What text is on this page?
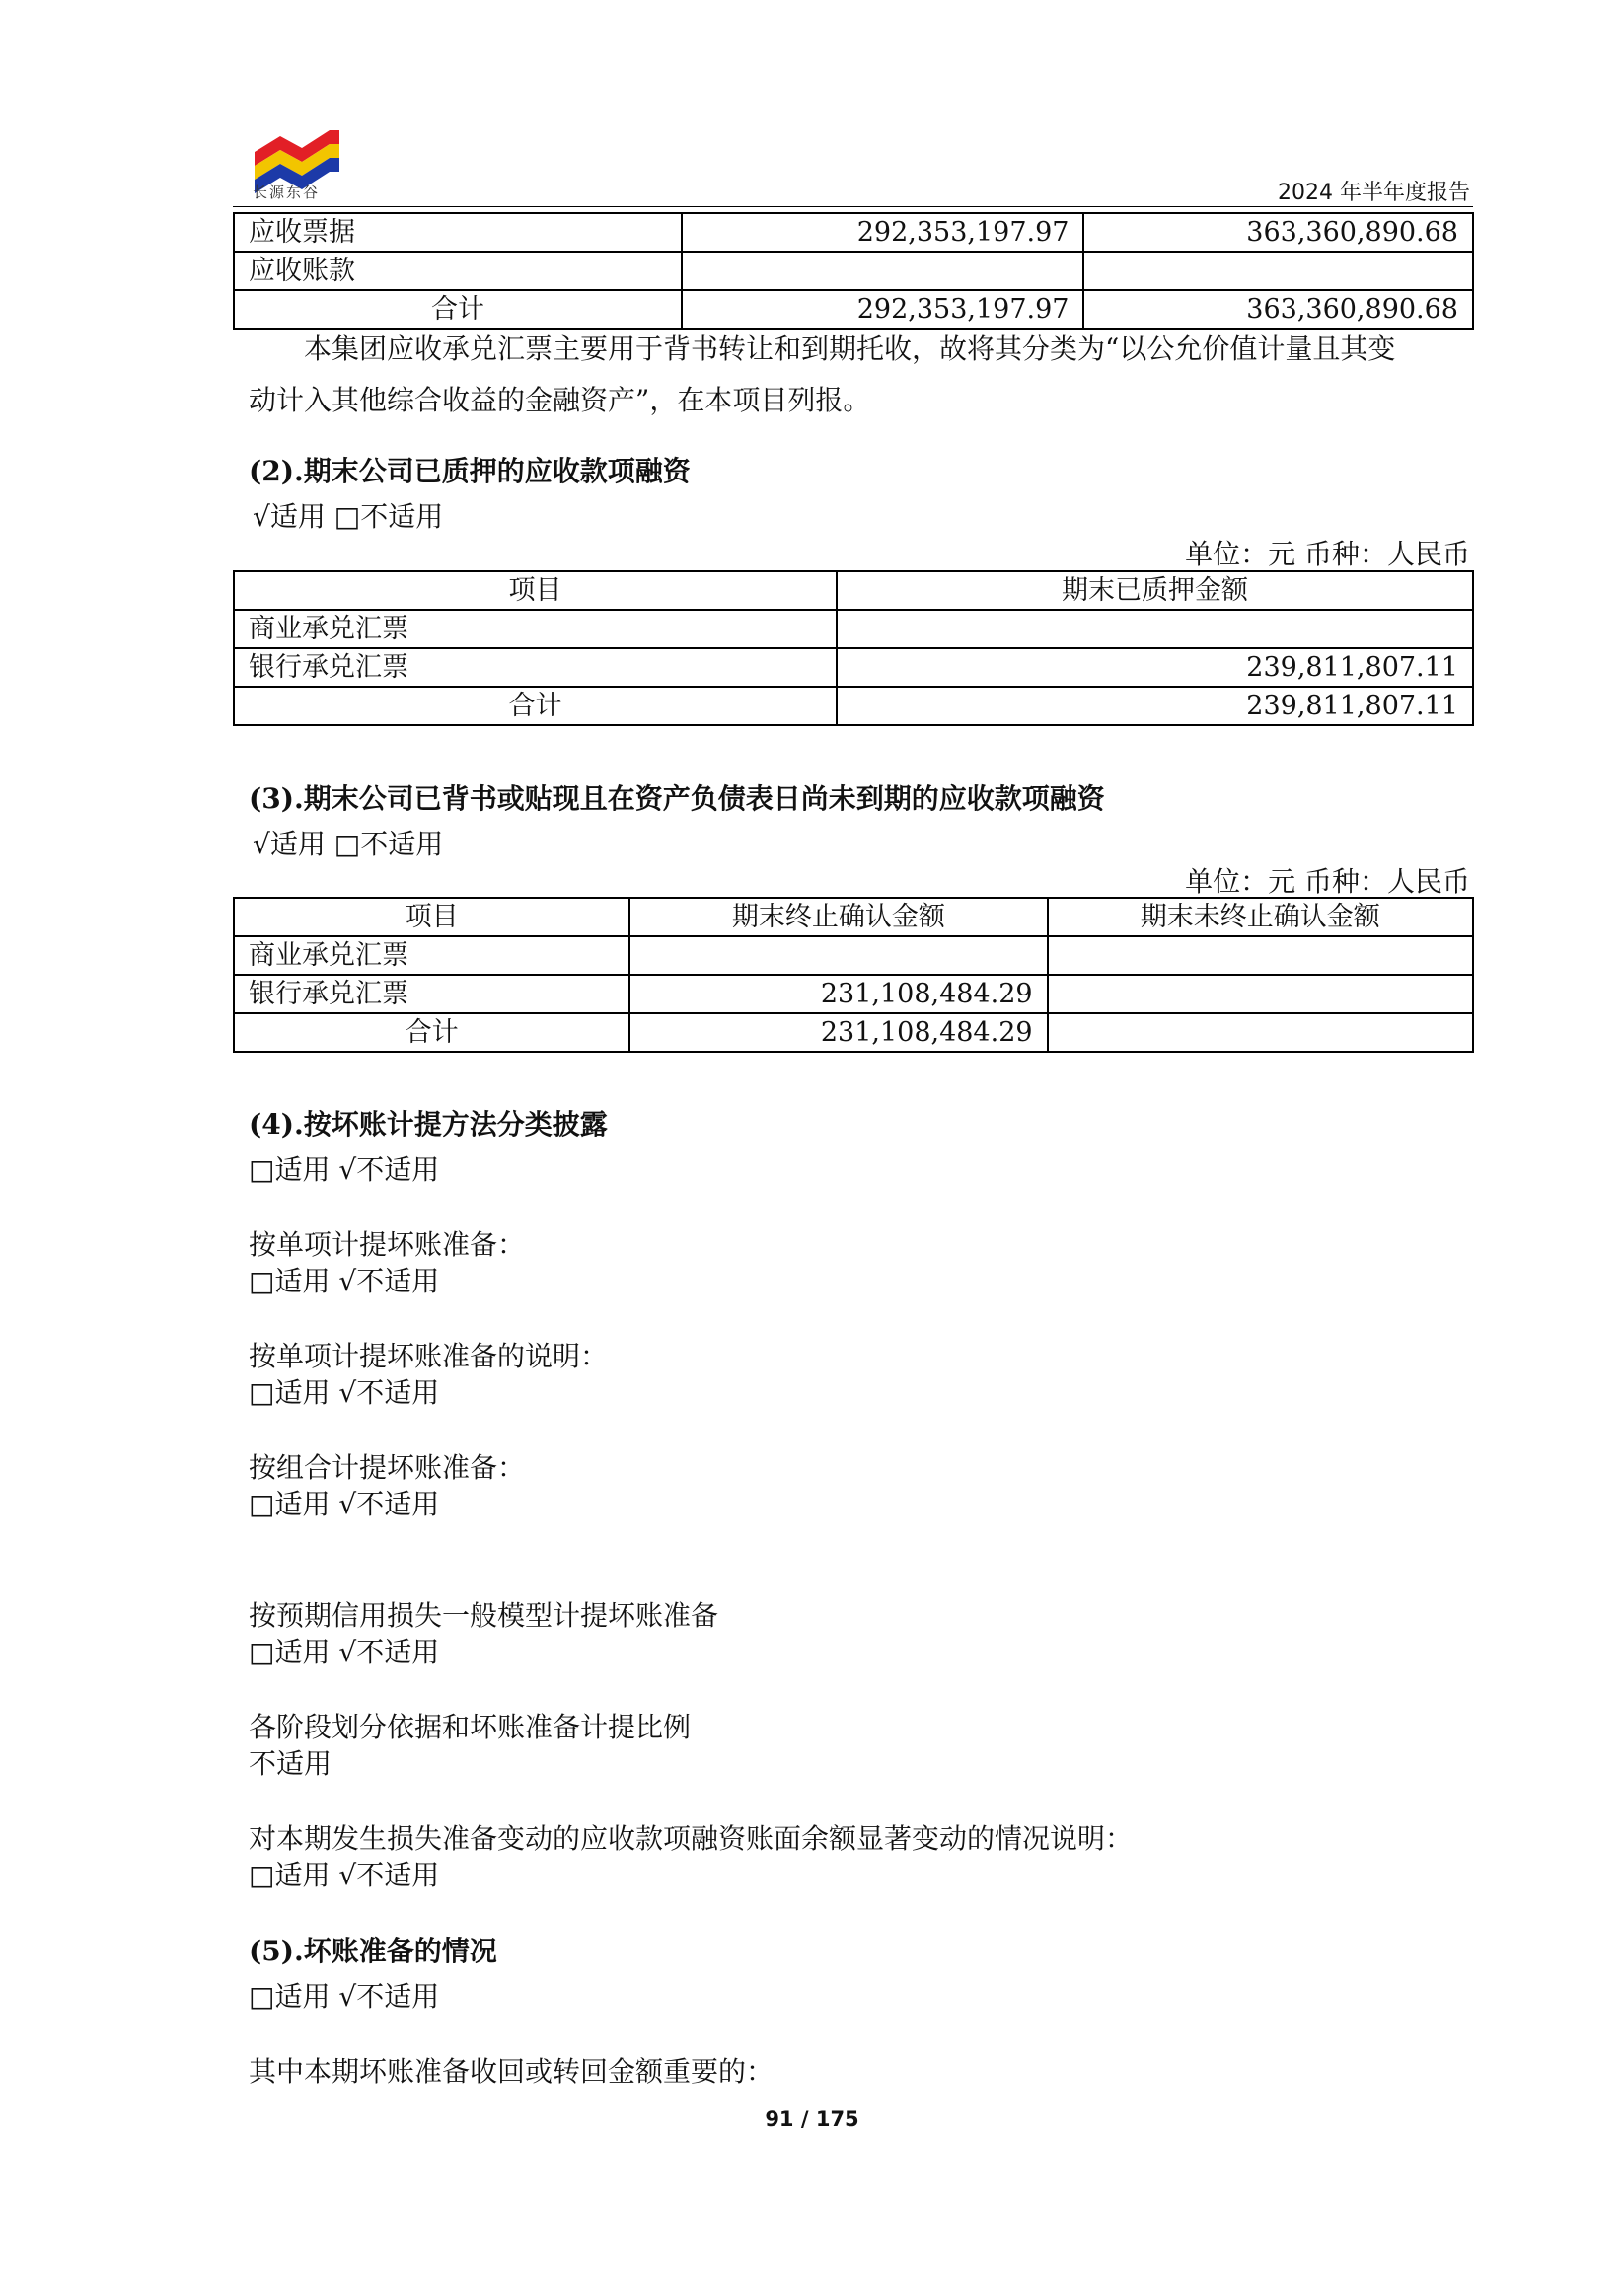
长源东谷	2024 年半年度报告
应收票据	292,353,197.97	363,360,890.68
应收账款		
合计	292,353,197.97	363,360,890.68
本集团应收承兑汇票主要用于背书转让和到期托收，故将其分类为“以公允价值计量且其变
动计入其他综合收益的金融资产”，在本项目列报。
(2).期末公司已质押的应收款项融资
√适用 □不适用
单位：元 币种：人民币
项目	期末已质押金额
商业承兑汇票	
银行承兑汇票	239,811,807.11
合计	239,811,807.11
(3).期末公司已背书或贴现且在资产负债表日尚未到期的应收款项融资
√适用 □不适用
单位：元 币种：人民币
项目	期末终止确认金额	期末未终止确认金额
商业承兑汇票		
银行承兑汇票	231,108,484.29	
合计	231,108,484.29	
(4).按坏账计提方法分类披露
□适用 √不适用
按单项计提坏账准备：
□适用 √不适用
按单项计提坏账准备的说明：
□适用 √不适用
按组合计提坏账准备：
□适用 √不适用
按预期信用损失一般模型计提坏账准备
□适用 √不适用
各阶段划分依据和坏账准备计提比例
不适用
对本期发生损失准备变动的应收款项融资账面余额显著变动的情况说明：
□适用 √不适用
(5).坏账准备的情况
□适用 √不适用
其中本期坏账准备收回或转回金额重要的：
91 / 175
